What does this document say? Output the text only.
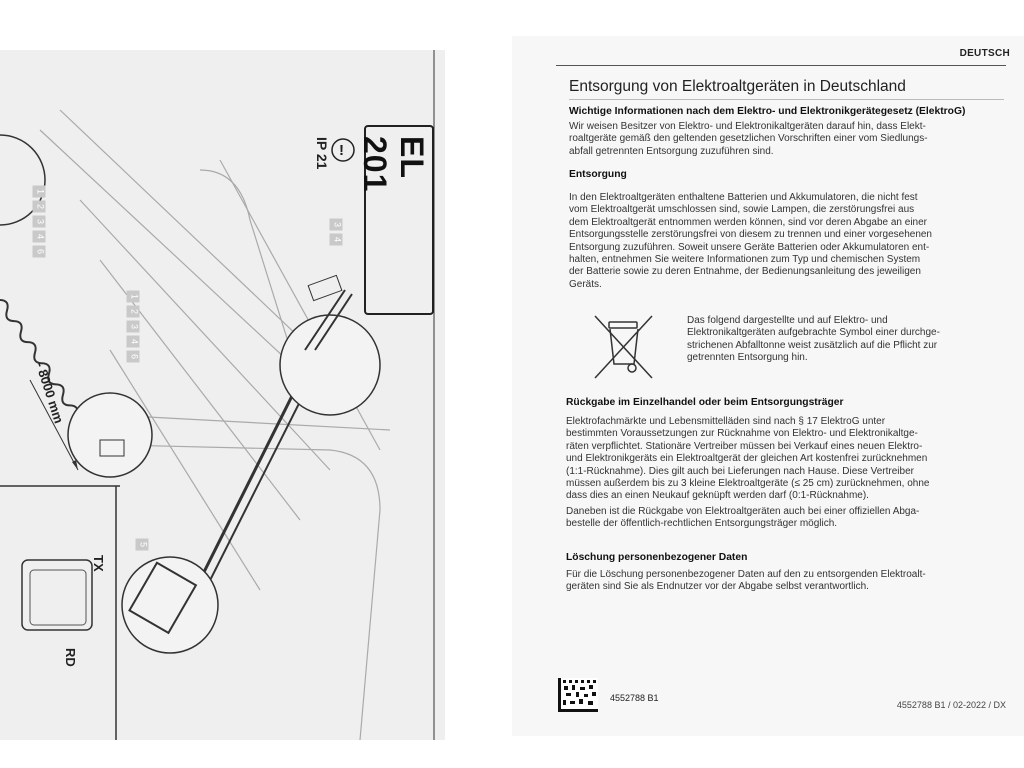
!	EL 201
IP 21
- 8000 mm
TX
RD
1
2
3
4
6
1
2
3
4
6
3
4
5
DEUTSCH
Entsorgung von Elektroaltgeräten in Deutschland
Wichtige Informationen nach dem Elektro- und Elektronikgerätegesetz (ElektroG)
Wir weisen Besitzer von Elektro- und Elektronikaltgeräten darauf hin, dass Elekt-
roaltgeräte gemäß den geltenden gesetzlichen Vorschriften einer vom Siedlungs-
abfall getrennten Entsorgung zuzuführen sind.
Entsorgung
In den Elektroaltgeräten enthaltene Batterien und Akkumulatoren, die nicht fest
vom Elektroaltgerät umschlossen sind, sowie Lampen, die zerstörungsfrei aus
dem Elektroaltgerät entnommen werden können, sind vor deren Abgabe an einer
Entsorgungsstelle zerstörungsfrei von diesem zu trennen und einer vorgesehenen
Entsorgung zuzuführen. Soweit unsere Geräte Batterien oder Akkumulatoren ent-
halten, entnehmen Sie weitere Informationen zum Typ und chemischen System
der Batterie sowie zu deren Entnahme, der Bedienungsanleitung des jeweiligen
Geräts.
Das folgend dargestellte und auf Elektro- und
Elektronikaltgeräten aufgebrachte Symbol einer durchge-
strichenen Abfalltonne weist zusätzlich auf die Pflicht zur
getrennten Entsorgung hin.
Rückgabe im Einzelhandel oder beim Entsorgungsträger
Elektrofachmärkte und Lebensmittelläden sind nach § 17 ElektroG unter
bestimmten Voraussetzungen zur Rücknahme von Elektro- und Elektronikaltge-
räten verpflichtet. Stationäre Vertreiber müssen bei Verkauf eines neuen Elektro-
und Elektronikgeräts ein Elektroaltgerät der gleichen Art kostenfrei zurücknehmen
(1:1-Rücknahme). Dies gilt auch bei Lieferungen nach Hause. Diese Vertreiber
müssen außerdem bis zu 3 kleine Elektroaltgeräte (≤ 25 cm) zurücknehmen, ohne
dass dies an einen Neukauf geknüpft werden darf (0:1-Rücknahme).
Daneben ist die Rückgabe von Elektroaltgeräten auch bei einer offiziellen Abga-
bestelle der öffentlich-rechtlichen Entsorgungsträger möglich.
Löschung personenbezogener Daten
Für die Löschung personenbezogener Daten auf den zu entsorgenden Elektroalt-
geräten sind Sie als Endnutzer vor der Abgabe selbst verantwortlich.
4552788 B1
4552788 B1 / 02-2022 / DX
